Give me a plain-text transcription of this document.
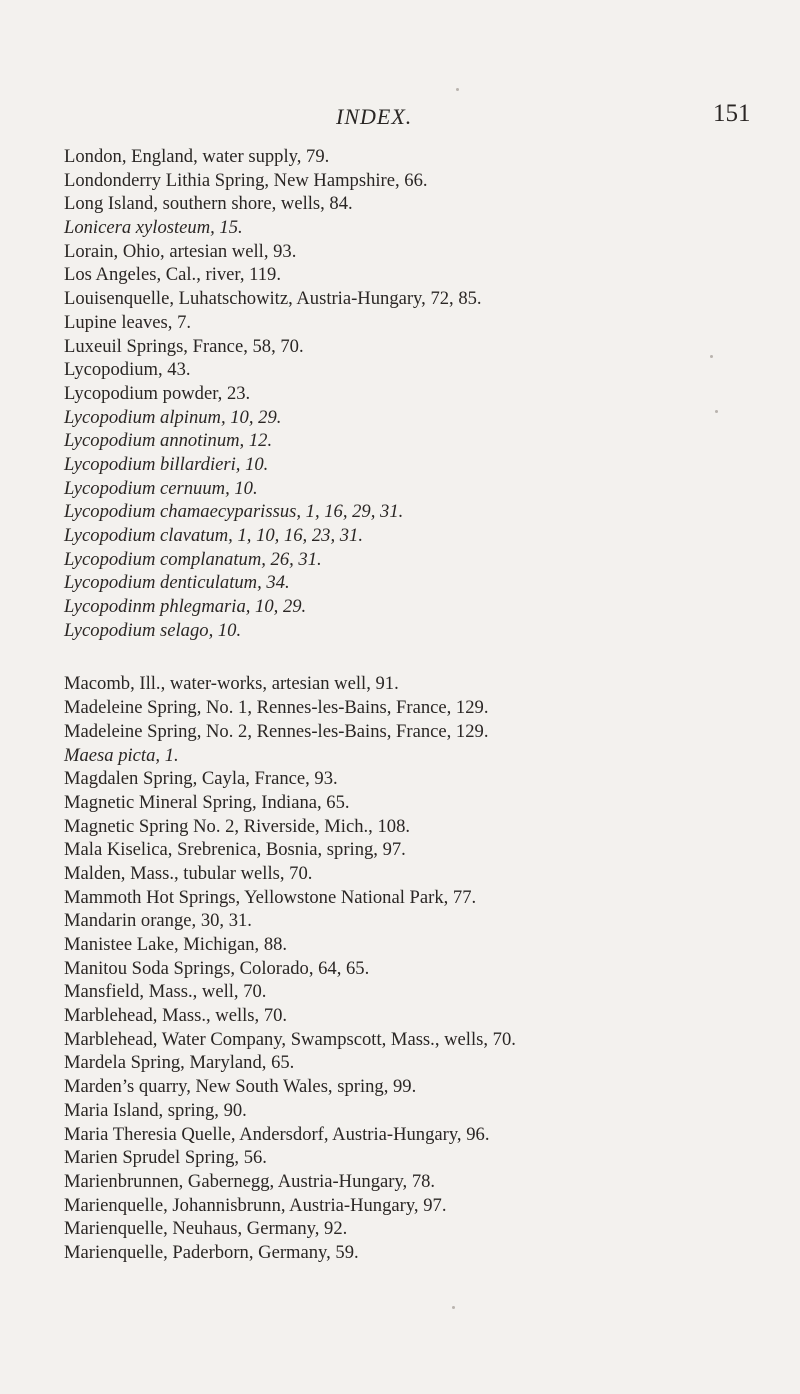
INDEX.	151
London, England, water supply, 79.
Londonderry Lithia Spring, New Hampshire, 66.
Long Island, southern shore, wells, 84.
Lonicera xylosteum, 15.
Lorain, Ohio, artesian well, 93.
Los Angeles, Cal., river, 119.
Louisenquelle, Luhatschowitz, Austria-Hungary, 72, 85.
Lupine leaves, 7.
Luxeuil Springs, France, 58, 70.
Lycopodium, 43.
Lycopodium powder, 23.
Lycopodium alpinum, 10, 29.
Lycopodium annotinum, 12.
Lycopodium billardieri, 10.
Lycopodium cernuum, 10.
Lycopodium chamaecyparissus, 1, 16, 29, 31.
Lycopodium clavatum, 1, 10, 16, 23, 31.
Lycopodium complanatum, 26, 31.
Lycopodium denticulatum, 34.
Lycopodinm phlegmaria, 10, 29.
Lycopodium selago, 10.
Macomb, Ill., water-works, artesian well, 91.
Madeleine Spring, No. 1, Rennes-les-Bains, France, 129.
Madeleine Spring, No. 2, Rennes-les-Bains, France, 129.
Maesa picta, 1.
Magdalen Spring, Cayla, France, 93.
Magnetic Mineral Spring, Indiana, 65.
Magnetic Spring No. 2, Riverside, Mich., 108.
Mala Kiselica, Srebrenica, Bosnia, spring, 97.
Malden, Mass., tubular wells, 70.
Mammoth Hot Springs, Yellowstone National Park, 77.
Mandarin orange, 30, 31.
Manistee Lake, Michigan, 88.
Manitou Soda Springs, Colorado, 64, 65.
Mansfield, Mass., well, 70.
Marblehead, Mass., wells, 70.
Marblehead, Water Company, Swampscott, Mass., wells, 70.
Mardela Spring, Maryland, 65.
Marden’s quarry, New South Wales, spring, 99.
Maria Island, spring, 90.
Maria Theresia Quelle, Andersdorf, Austria-Hungary, 96.
Marien Sprudel Spring, 56.
Marienbrunnen, Gabernegg, Austria-Hungary, 78.
Marienquelle, Johannisbrunn, Austria-Hungary, 97.
Marienquelle, Neuhaus, Germany, 92.
Marienquelle, Paderborn, Germany, 59.
